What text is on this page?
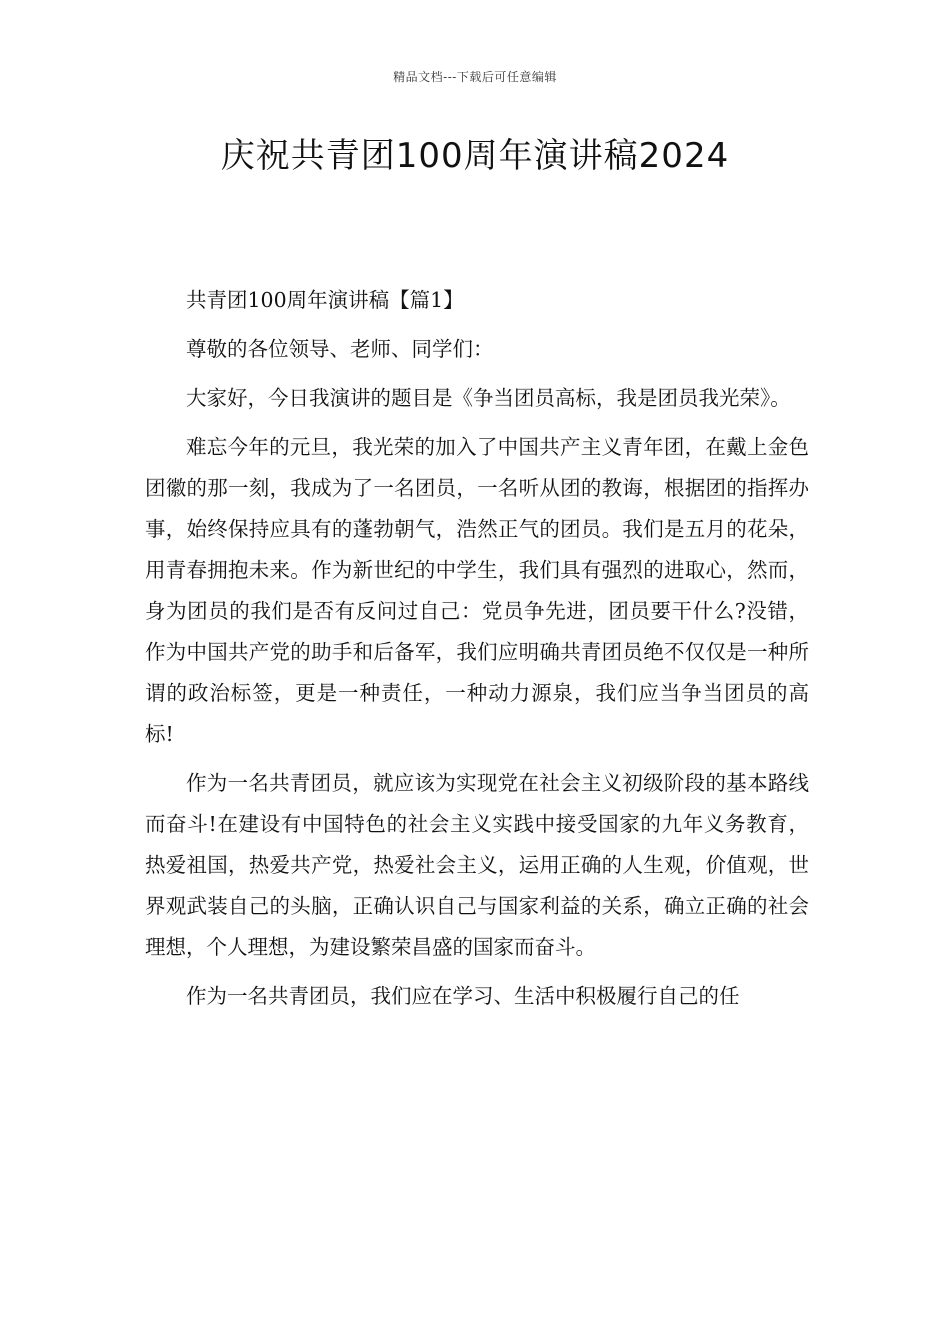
精品文档---下载后可任意编辑
庆祝共青团100周年演讲稿2024

共青团100周年演讲稿【篇1】

尊敬的各位领导、老师、同学们：

大家好，今日我演讲的题目是《争当团员高标，我是团员我光荣》。

难忘今年的元旦，我光荣的加入了中国共产主义青年团，在戴上金色团徽的那一刻，我成为了一名团员，一名听从团的教诲，根据团的指挥办事，始终保持应具有的蓬勃朝气，浩然正气的团员。我们是五月的花朵，用青春拥抱未来。作为新世纪的中学生，我们具有强烈的进取心，然而，身为团员的我们是否有反问过自己：党员争先进，团员要干什么?没错，作为中国共产党的助手和后备军，我们应明确共青团员绝不仅仅是一种所谓的政治标签，更是一种责任，一种动力源泉，我们应当争当团员的高标!

作为一名共青团员，就应该为实现党在社会主义初级阶段的基本路线而奋斗!在建设有中国特色的社会主义实践中接受国家的九年义务教育，热爱祖国，热爱共产党，热爱社会主义，运用正确的人生观，价值观，世界观武装自己的头脑，正确认识自己与国家利益的关系，确立正确的社会理想，个人理想，为建设繁荣昌盛的国家而奋斗。

作为一名共青团员，我们应在学习、生活中积极履行自己的任
